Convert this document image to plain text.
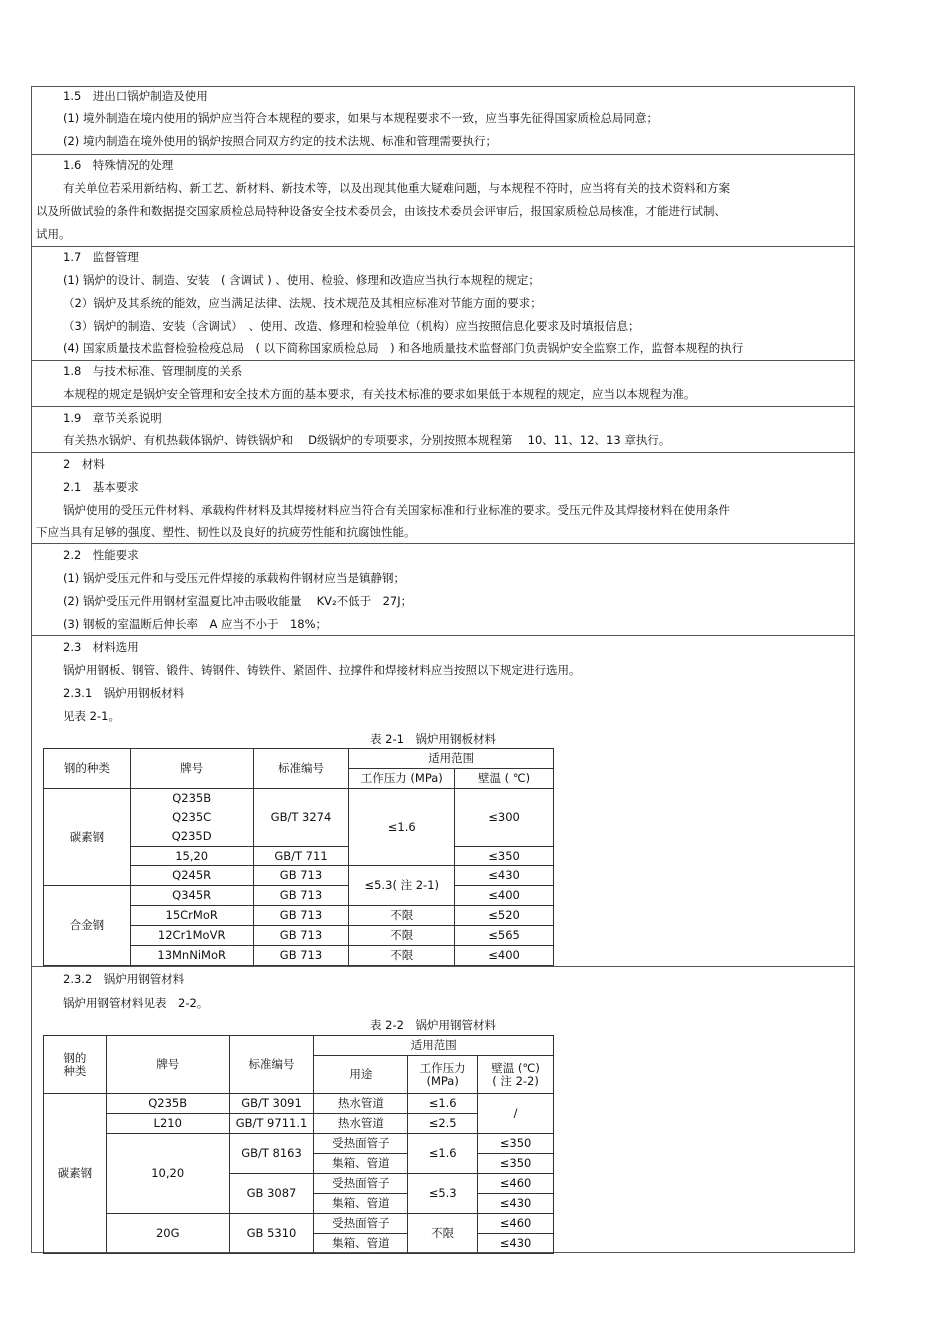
1.5　进出口锅炉制造及使用
(1) 境外制造在境内使用的锅炉应当符合本规程的要求，如果与本规程要求不一致，应当事先征得国家质检总局同意；
(2) 境内制造在境外使用的锅炉按照合同双方约定的技术法规、标准和管理需要执行；
1.6　特殊情况的处理
有关单位若采用新结构、新工艺、新材料、新技术等，以及出现其他重大疑难问题，与本规程不符时，应当将有关的技术资料和方案
以及所做试验的条件和数据提交国家质检总局特种设备安全技术委员会，由该技术委员会评审后，报国家质检总局核准，才能进行试制、
试用。
1.7　监督管理
(1) 锅炉的设计、制造、安装　( 含调试 ) 、使用、检验、修理和改造应当执行本规程的规定；
（2）锅炉及其系统的能效，应当满足法律、法规、技术规范及其相应标准对节能方面的要求；
（3）锅炉的制造、安装（含调试）　、使用、改造、修理和检验单位（机构）应当按照信息化要求及时填报信息；
(4) 国家质量技术监督检验检疫总局　( 以下简称国家质检总局　) 和各地质量技术监督部门负责锅炉安全监察工作，监督本规程的执行
1.8　与技术标准、管理制度的关系
本规程的规定是锅炉安全管理和安全技术方面的基本要求，有关技术标准的要求如果低于本规程的规定，应当以本规程为准。
1.9　章节关系说明
有关热水锅炉、有机热载体锅炉、铸铁锅炉和　 D级锅炉的专项要求，分别按照本规程第　 10、11、12、13 章执行。
2　材料
2.1　基本要求
锅炉使用的受压元件材料、承载构件材料及其焊接材料应当符合有关国家标准和行业标准的要求。受压元件及其焊接材料在使用条件
下应当具有足够的强度、塑性、韧性以及良好的抗疲劳性能和抗腐蚀性能。
2.2　性能要求
(1) 锅炉受压元件和与受压元件焊接的承载构件钢材应当是镇静钢；
(2) 锅炉受压元件用钢材室温夏比冲击吸收能量　 KV₂不低于　27J；
(3) 钢板的室温断后伸长率　A 应当不小于　18%；
2.3　材料选用
锅炉用钢板、钢管、锻件、铸钢件、铸铁件、紧固件、拉撑件和焊接材料应当按照以下规定进行选用。
2.3.1　锅炉用钢板材料
见表 2-1。
2.3.2　锅炉用钢管材料
锅炉用钢管材料见表　2-2。
表 2-1　锅炉用钢板材料
钢的种类	牌号	标准编号	适用范围	
			工作压力 (MPa)	壁温 ( ℃)
碳素钢	Q235B
Q235C
Q235D	GB/T 3274	≤1.6	≤300
	15,20	GB/T 711		≤350
	Q245R	GB 713	≤5.3( 注 2-1)	≤430
合金钢	Q345R	GB 713		≤400
	15CrMoR	GB 713	不限	≤520
	12Cr1MoVR	GB 713	不限	≤565
	13MnNiMoR	GB 713	不限	≤400
表 2-2　锅炉用钢管材料
钢的
种类	牌号	标准编号	适用范围		
			用途	工作压力
(MPa)	壁温 (℃)
( 注 2-2)
碳素钢	Q235B	GB/T 3091	热水管道	≤1.6	/
	L210	GB/T 9711.1	热水管道	≤2.5	
	10,20	GB/T 8163	受热面管子	≤1.6	≤350
			集箱、管道		≤350
		GB 3087	受热面管子	≤5.3	≤460
			集箱、管道		≤430
	20G	GB 5310	受热面管子	不限	≤460
			集箱、管道		≤430
